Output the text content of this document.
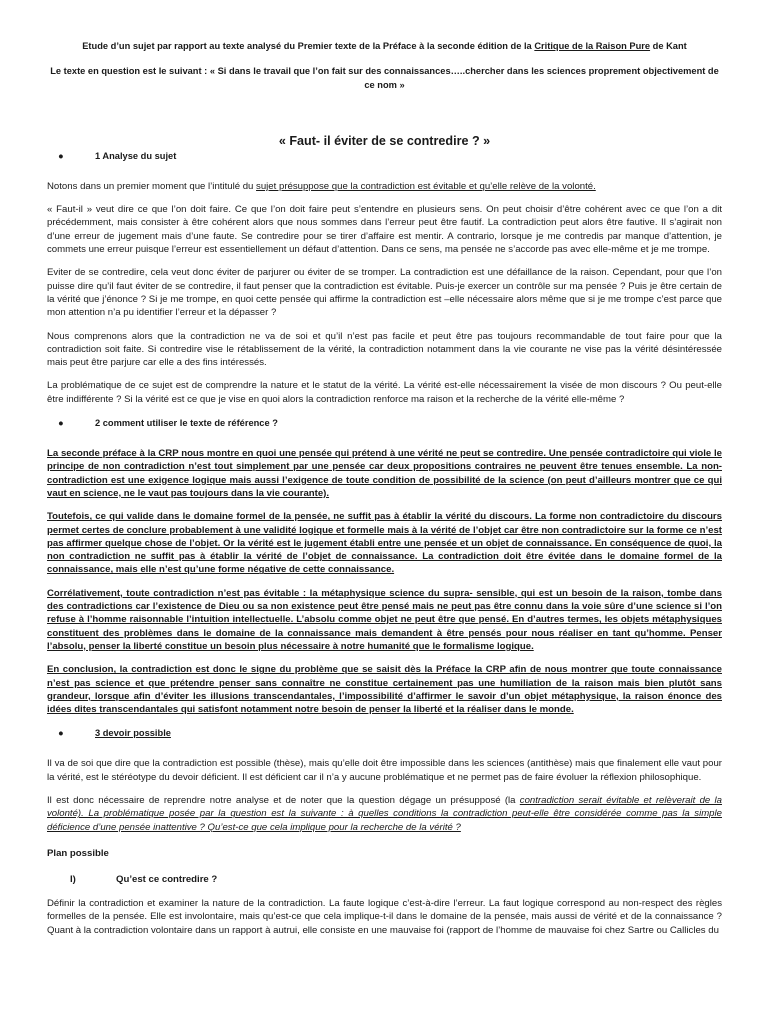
Etude d’un sujet par rapport au texte analysé du Premier texte de la Préface à la seconde édition de la Critique de la Raison Pure de Kant
Le texte en question est le suivant : « Si dans le travail que l’on fait sur des connaissances…..chercher dans les sciences proprement objectivement de ce nom »
« Faut- il éviter de se contredire ? »
●	1 Analyse du sujet

Notons dans un premier moment que l’intitulé du sujet présuppose que la contradiction est évitable et qu’elle relève de la volonté.

« Faut-il » veut dire ce que l’on doit faire. Ce que l’on doit faire peut s’entendre en plusieurs sens. On peut choisir d’être cohérent avec ce que l’on a dit précédemment, mais consister à être cohérent alors que nous sommes dans l’erreur peut être fautif. La contradiction peut alors être fautive. Il s’agirait non d’une erreur de jugement mais d’une faute. Se contredire pour se tirer d’affaire est mentir. A contrario, lorsque je me contredis par manque d’attention, je commets une erreur puisque l’erreur est essentiellement un défaut d’attention. Dans ce sens, ma pensée ne s’accorde pas avec elle-même et je me trompe.

Eviter de se contredire, cela veut donc éviter de parjurer ou éviter de se tromper. La contradiction est une défaillance de la raison. Cependant, pour que l’on puisse dire qu’il faut éviter de se contredire, il faut penser que la contradiction est évitable. Puis-je exercer un contrôle sur ma pensée ? Puis je être certain de la vérité que j’énonce ? Si je me trompe, en quoi cette pensée qui affirme la contradiction est –elle nécessaire alors même que si je me trompe c’est parce que mon attention n’a pu identifier l’erreur et la dépasser ?

Nous comprenons alors que la contradiction ne va de soi et qu’il n’est pas facile et peut être pas toujours recommandable de tout faire pour que la contradiction soit faite. Si contredire vise le rétablissement de la vérité, la contradiction notamment dans la vie courante ne vise pas la vérité désintéressée mais peut être parjure car elle a des fins intéressés.

La problématique de ce sujet est de comprendre la nature et le statut de la vérité. La vérité est-elle nécessairement la visée de mon discours ? Ou peut-elle être indifférente ? Si la vérité est ce que je vise en quoi alors la contradiction renforce ma raison et la recherche de la vérité elle-même ?

●	2 comment utiliser le texte de référence ?

La seconde préface à la CRP nous montre en quoi une pensée qui prétend à une vérité ne peut se contredire. Une pensée contradictoire qui viole le principe de non contradiction n’est tout simplement par une pensée car deux propositions contraires ne peuvent être tenues ensemble. La non-contradiction est une exigence logique mais aussi l’exigence de toute condition de possibilité de la science (on peut d’ailleurs montrer que ce qui vaut en science, ne le vaut pas toujours dans la vie courante).

Toutefois, ce qui valide dans le domaine formel de la pensée, ne suffit pas à établir la vérité du discours. La forme non contradictoire du discours permet certes de conclure probablement à une validité logique et formelle mais à la vérité de l’objet car être non contradictoire sur la forme ce n’est pas affirmer quelque chose de l’objet. Or la vérité est le jugement établi entre une pensée et un objet de connaissance. En conséquence de quoi, la non contradiction ne suffit pas à établir la vérité de l’objet de connaissance. La contradiction doit être évitée dans le domaine formel de la connaissance, mais elle n’est qu’une forme négative de cette connaissance.

Corrélativement, toute contradiction n’est pas évitable : la métaphysique science du supra- sensible, qui est un besoin de la raison, tombe dans des contradictions car l’existence de Dieu ou sa non existence peut être pensé mais ne peut pas être connu dans la voie sûre d’une science si l’on refuse à l’homme raisonnable l’intuition intellectuelle. L’absolu comme objet ne peut être que pensé. En d’autres termes, les objets métaphysiques constituent des problèmes dans le domaine de la connaissance mais demandent à être pensés pour nous réaliser en tant qu’homme. Penser l’absolu, penser la liberté constitue un besoin plus nécessaire à notre humanité que le formalisme logique.

En conclusion, la contradiction est donc le signe du problème que se saisit dès la Préface la CRP afin de nous montrer que toute connaissance n’est pas science et que prétendre penser sans connaître ne constitue certainement pas une humiliation de la raison mais bien plutôt sans grandeur, lorsque afin d’éviter les illusions transcendantales, l’impossibilité d’affirmer le savoir d’un objet métaphysique, la raison énonce des idées dites transcendantales qui satisfont notamment notre besoin de penser la liberté et la réaliser dans le monde.

●	3 devoir possible

Il va de soi que dire que la contradiction est possible (thèse), mais qu’elle doit être impossible dans les sciences (antithèse) mais que finalement elle vaut pour la vérité, est le stéréotype du devoir déficient. Il est déficient car il n’a y aucune problématique et ne permet pas de faire évoluer la réflexion philosophique.

Il est donc nécessaire de reprendre notre analyse et de noter que la question dégage un présupposé (la contradiction serait évitable et relèverait de la volonté). La problématique posée par la question est la suivante : à quelles conditions la contradiction peut-elle être considérée comme pas la simple déficience d’une pensée inattentive ? Qu’est-ce que cela implique pour la recherche de la vérité ?

Plan possible
I)	Qu’est ce contredire ?

Définir la contradiction et examiner la nature de la contradiction. La faute logique c’est-à-dire l’erreur. La faut logique correspond au non-respect des règles formelles de la pensée. Elle est involontaire, mais qu’est-ce que cela implique-t-il dans le domaine de la pensée, mais aussi de vérité et de la connaissance ? Quant à la contradiction volontaire dans un rapport à autrui, elle consiste en une mauvaise foi (rapport de l’homme de mauvaise foi chez Sartre ou Callicles du
